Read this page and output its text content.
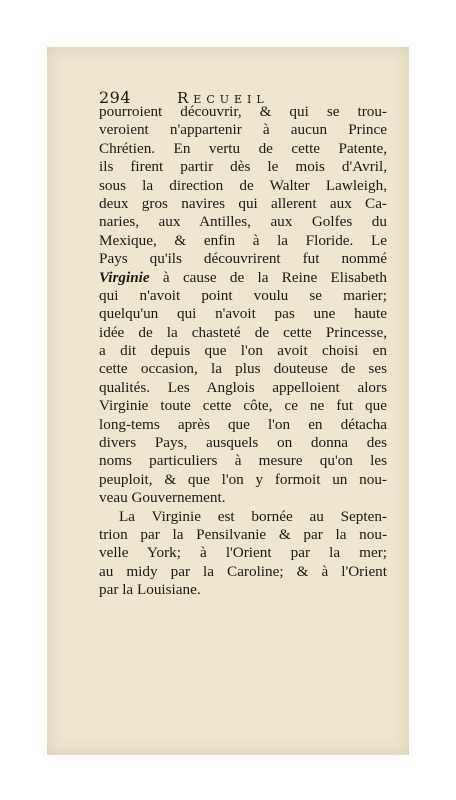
294	Recueil
pourroient découvrir, & qui se trou-
veroient n'appartenir à aucun Prince
Chrétien. En vertu de cette Patente,
ils firent partir dès le mois d'Avril,
sous la direction de Walter Lawleigh,
deux gros navires qui allerent aux Ca-
naries, aux Antilles, aux Golfes du
Mexique, & enfin à la Floride. Le
Pays qu'ils découvrirent fut nommé
Virginie à cause de la Reine Elisabeth
qui n'avoit point voulu se marier;
quelqu'un qui n'avoit pas une haute
idée de la chasteté de cette Princesse,
a dit depuis que l'on avoit choisi en
cette occasion, la plus douteuse de ses
qualités. Les Anglois appelloient alors
Virginie toute cette côte, ce ne fut que
long-tems après que l'on en détacha
divers Pays, ausquels on donna des
noms particuliers à mesure qu'on les
peuploit, & que l'on y formoit un nou-
veau Gouvernement.
La Virginie est bornée au Septen-
trion par la Pensilvanie & par la nou-
velle York; à l'Orient par la mer;
au midy par la Caroline; & à l'Orient
par la Louisiane.
